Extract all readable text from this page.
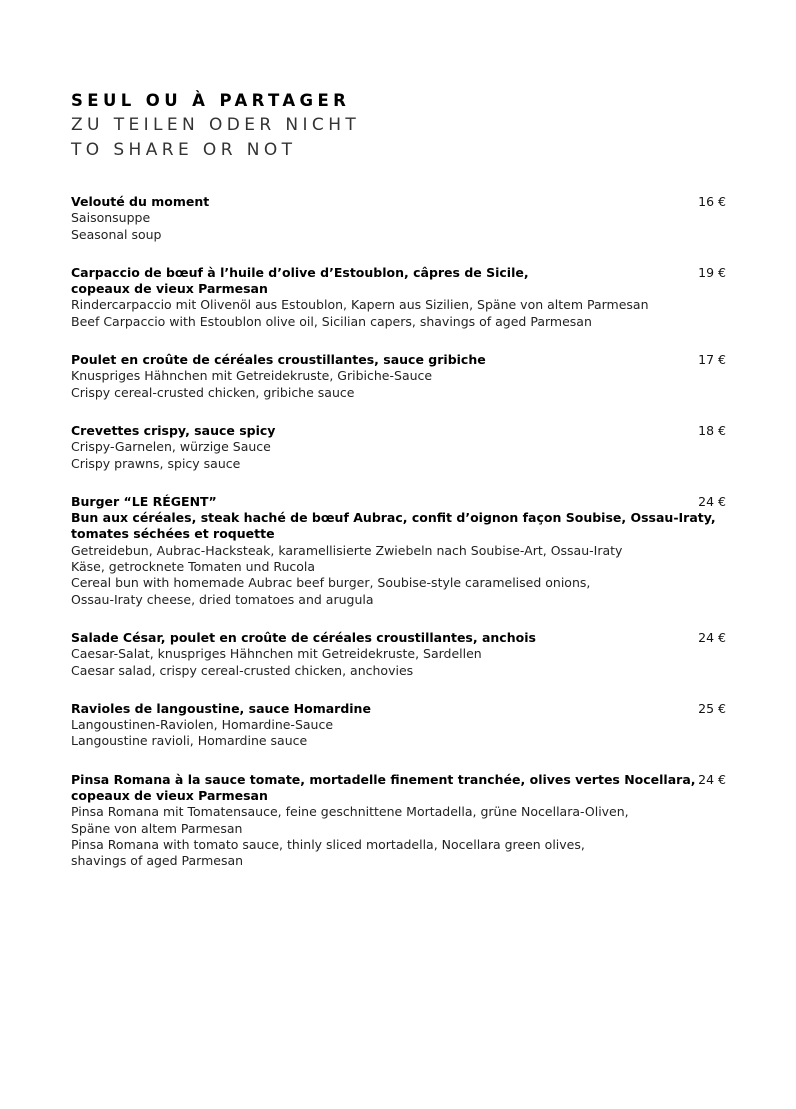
SEUL OU À PARTAGER
ZU TEILEN ODER NICHT
TO SHARE OR NOT
16 €
Velouté du moment
Saisonsuppe
Seasonal soup
19 €
Carpaccio de bœuf à l’huile d’olive d’Estoublon, câpres de Sicile,
copeaux de vieux Parmesan
Rindercarpaccio mit Olivenöl aus Estoublon, Kapern aus Sizilien, Späne von altem Parmesan
Beef Carpaccio with Estoublon olive oil, Sicilian capers, shavings of aged Parmesan
17 €
Poulet en croûte de céréales croustillantes, sauce gribiche
Knuspriges Hähnchen mit Getreidekruste, Gribiche-Sauce
Crispy cereal-crusted chicken, gribiche sauce
18 €
Crevettes crispy, sauce spicy
Crispy-Garnelen, würzige Sauce
Crispy prawns, spicy sauce
24 €
Burger “LE RÉGENT”
Bun aux céréales, steak haché de bœuf Aubrac, confit d’oignon façon Soubise, Ossau-Iraty,
tomates séchées et roquette
Getreidebun, Aubrac-Hacksteak, karamellisierte Zwiebeln nach Soubise-Art, Ossau-Iraty
Käse, getrocknete Tomaten und Rucola
Cereal bun with homemade Aubrac beef burger, Soubise-style caramelised onions,
Ossau-Iraty cheese, dried tomatoes and arugula
24 €
Salade César, poulet en croûte de céréales croustillantes, anchois
Caesar-Salat, knuspriges Hähnchen mit Getreidekruste, Sardellen
Caesar salad, crispy cereal-crusted chicken, anchovies
25 €
Ravioles de langoustine, sauce Homardine
Langoustinen-Raviolen, Homardine-Sauce
Langoustine ravioli, Homardine sauce
24 €
Pinsa Romana à la sauce tomate, mortadelle finement tranchée, olives vertes Nocellara,
copeaux de vieux Parmesan
Pinsa Romana mit Tomatensauce, feine geschnittene Mortadella, grüne Nocellara-Oliven,
Späne von altem Parmesan
Pinsa Romana with tomato sauce, thinly sliced mortadella, Nocellara green olives,
shavings of aged Parmesan
